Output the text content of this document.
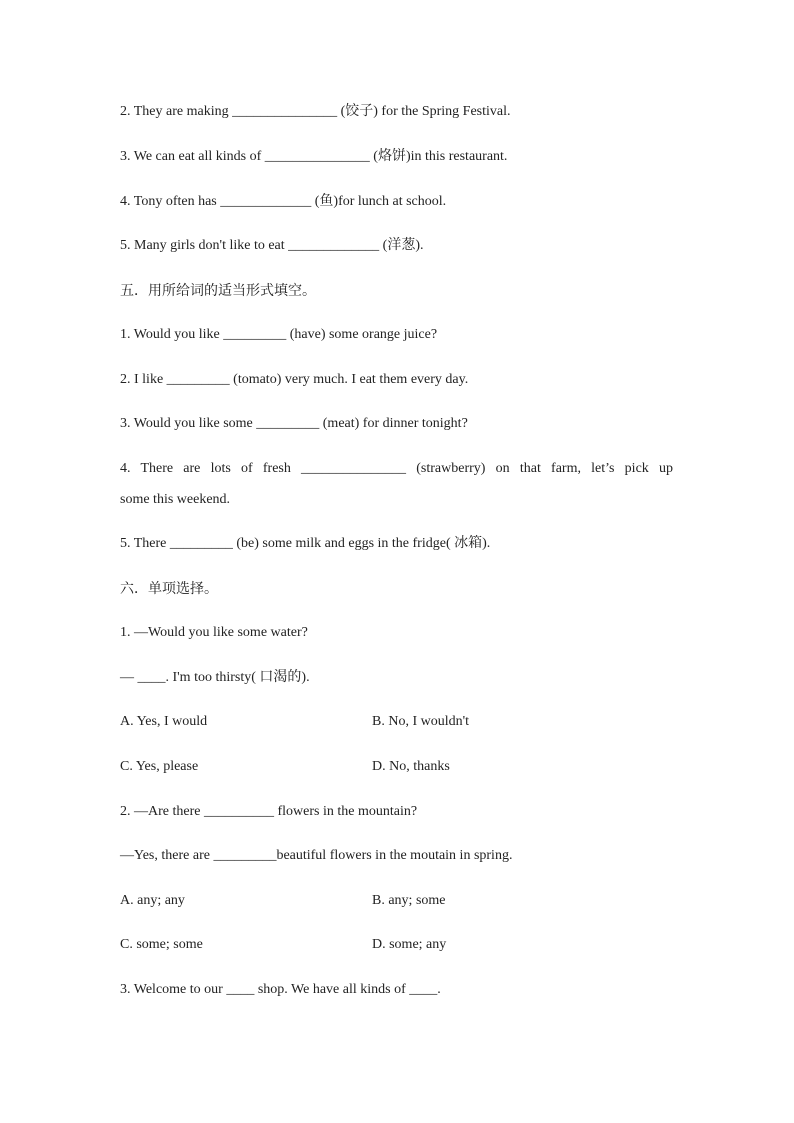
2. They are making _______________ (饺子) for the Spring Festival.
3. We can eat all kinds of _______________ (烙饼)in this restaurant.
4. Tony often has _____________ (鱼)for lunch at school.
5. Many girls don't like to eat _____________ (洋葱).
五．用所给词的适当形式填空。
1. Would you like _________ (have) some orange juice?
2. I like _________ (tomato) very much. I eat them every day.
3. Would you like some _________ (meat) for dinner tonight?
4. There are lots of fresh _______________ (strawberry) on that farm, let’s pick up
some this weekend.
5. There _________ (be) some milk and eggs in the fridge( 冰箱).
六．单项选择。
1. —Would you like some water?
— ____. I'm too thirsty( 口渴的).
A. Yes, I would	B. No, I wouldn't
C. Yes, please	D. No, thanks
2. —Are there __________ flowers in the mountain?
—Yes, there are _________beautiful flowers in the moutain in spring.
A. any; any	B. any; some
C. some; some	D. some; any
3. Welcome to our ____ shop. We have all kinds of ____.
